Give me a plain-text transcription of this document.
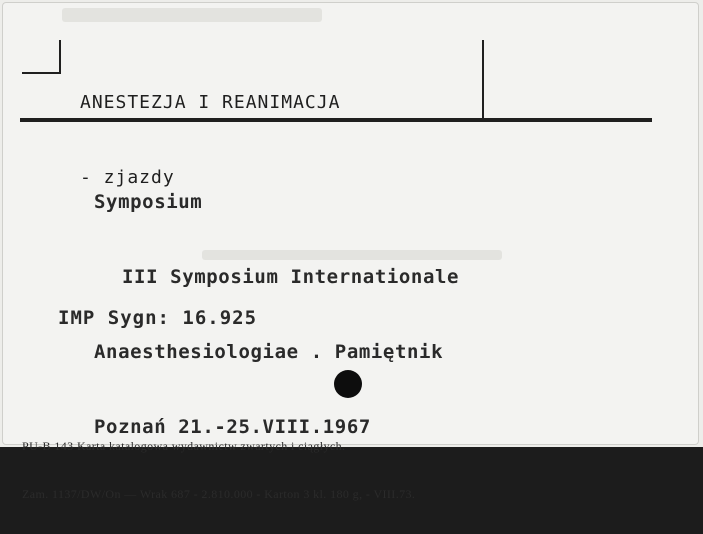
ANESTEZJA I REANIMACJA

- zjazdy

Symposium

III Symposium Internationale

Anaesthesiologiae . Pamiętnik

Poznań 21.-25.VIII.1967

IMP Sygn: 16.925

PU-B 143 Karta katalogowa wydawnictw zwartych i ciągłych.

Zam. 1137/DW/On — Wrak 687 - 2.810.000 - Karton 3 kl. 180 g, - VIII.73.
